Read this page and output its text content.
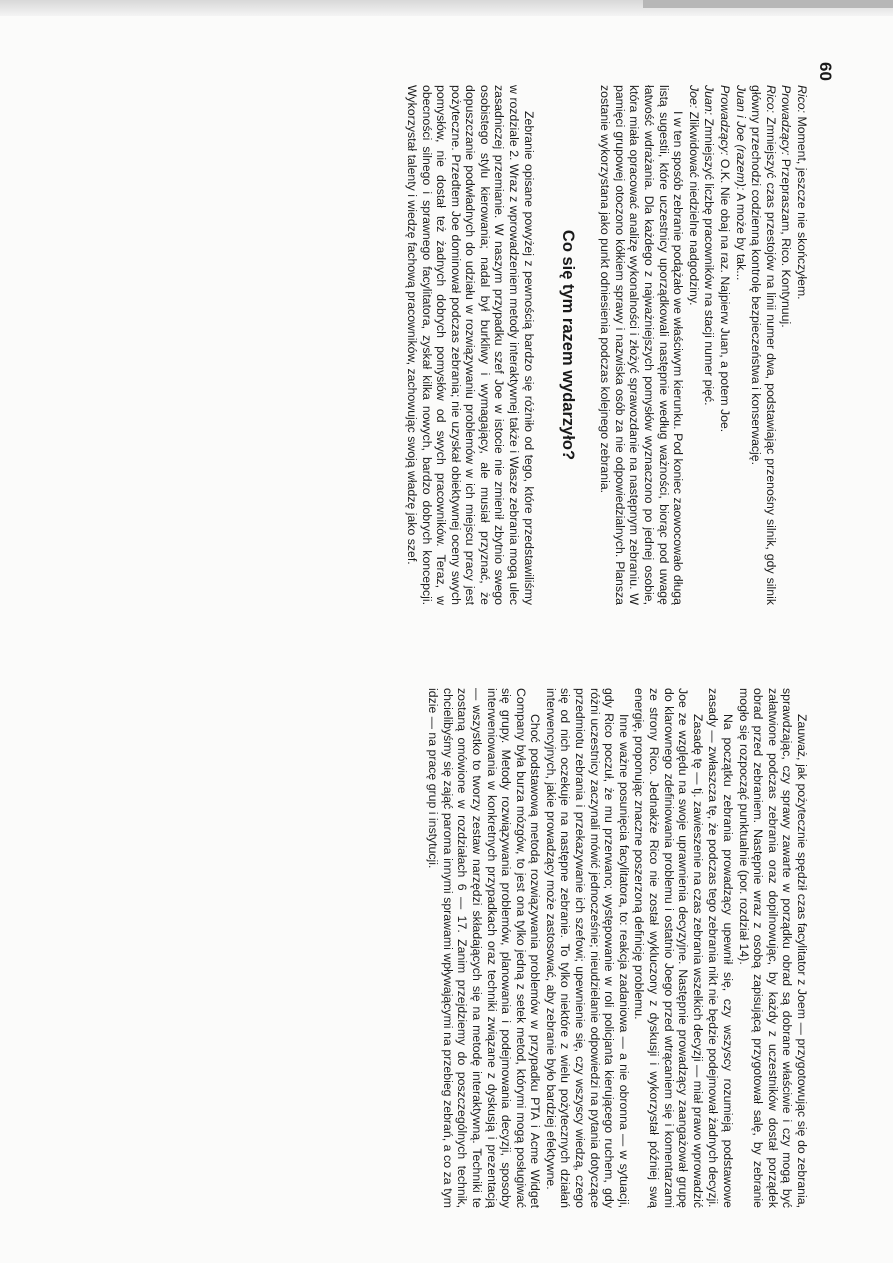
60

Rico: Moment, jeszcze nie skończyłem.

Prowadzący: Przepraszam, Rico. Kontynuuj.

Rico: Zmniejszyć czas przestojów na linii numer dwa, podstawiając przenośny silnik, gdy silnik główny przechodzi codzienną kontrolę bezpieczeństwa i konserwację.

Juan i Joe (razem): A może by tak...

Prowadzący: O.K. Nie obaj na raz. Najpierw Juan, a potem Joe.

Juan: Zmniejszyć liczbę pracowników na stacji numer pięć.

Joe: Zlikwidować niedzielne nadgodziny.

I w ten sposób zebranie podążało we właściwym kierunku. Pod koniec zaowocowało długą listą sugestii, które uczestnicy uporządkowali następnie według ważności, biorąc pod uwagę łatwość wdrażania. Dla każdego z najważniejszych pomysłów wyznaczono po jednej osobie, która miała opracować analizę wykonalności i złożyć sprawozdanie na następnym zebraniu. W pamięci grupowej otoczono kółkiem sprawy i nazwiska osób za nie odpowiedzialnych. Plansza zostanie wykorzystana jako punkt odniesienia podczas kolejnego zebrania.

Co się tym razem wydarzyło?

Zebranie opisane powyżej z pewnością bardzo się różniło od tego, które przedstawiliśmy w rozdziale 2. Wraz z wprowadzeniem metody interaktywnej także i Wasze zebrania mogą ulec zasadniczej przemianie. W naszym przypadku szef Joe w istocie nie zmienił zbytnio swego osobistego stylu kierowania; nadal był burkliwy i wymagający, ale musiał przyznać, że dopuszczanie podwładnych do udziału w rozwiązywaniu problemów w ich miejscu pracy jest pożyteczne. Przedtem Joe dominował podczas zebrania; nie uzyskał obiektywnej oceny swych pomysłów, nie dostał też żadnych dobrych pomysłów od swych pracowników. Teraz, w obecności silnego i sprawnego facylitatora, zyskał kilka nowych, bardzo dobrych koncepcji. Wykorzystał talenty i wiedzę fachową pracowników, zachowując swoją władzę jako szef.

Zauważ, jak pożytecznie spędził czas facylitator z Joem — przygotowując się do zebrania, sprawdzając, czy sprawy zawarte w porządku obrad są dobrane właściwie i czy mogą być załatwione podczas zebrania oraz dopilnowując, by każdy z uczestników dostał porządek obrad przed zebraniem. Następnie wraz z osobą zapisującą przygotował salę, by zebranie mogło się rozpocząć punktualnie (por. rozdział 14).

Na początku zebrania prowadzący upewnił się, czy wszyscy rozumieją podstawowe zasady — zwłaszcza tę, że podczas tego zebrania nikt nie będzie podejmował żadnych decyzji.

Zasadę tę — tj. zawieszenie na czas zebrania wszelkich decyzji — miał prawo wprowadzić Joe ze względu na swoje uprawnienia decyzyjne. Następnie prowadzący zaangażował grupę do klarownego zdefiniowania problemu i ostatnio Joego przed wtrącaniem się i komentarzami ze strony Rico. Jednakże Rico nie został wykluczony z dyskusji i wykorzystał później swą energię, proponując znaczne poszerzoną definicję problemu.

Inne ważne posunięcia facylitatora, to: reakcja zadaniowa — a nie obronna — w sytuacji, gdy Rico poczuł, że mu przerwano; występowanie w roli policjanta kierującego ruchem, gdy różni uczestnicy zaczynali mówić jednocześnie; nieudzielanie odpowiedzi na pytania dotyczące przedmiotu zebrania i przekazywanie ich szefowi; upewnienie się, czy wszyscy wiedzą, czego się od nich oczekuje na następne zebranie. To tylko niektóre z wielu pożytecznych działań interwencyjnych, jakie prowadzący może zastosować, aby zebranie było bardziej efektywne.

Choć podstawową metodą rozwiązywania problemów w przypadku PTA i Acme Widget Company była burza mózgów, to jest ona tylko jedną z setek metod, którymi mogą posługiwać się grupy. Metody rozwiązywania problemów, planowania i podejmowania decyzji, sposoby interweniowania w konkretnych przypadkach oraz techniki związane z dyskusją i prezentacją — wszystko to tworzy zestaw narzędzi składających się na metodę interaktywną. Techniki te zostaną omówione w rozdziałach 6 — 17. Zanim przejdziemy do poszczególnych technik, chcielibyśmy się zająć paroma innymi sprawami wpływającymi na przebieg zebrań, a co za tym idzie — na pracę grup i instytucji.
